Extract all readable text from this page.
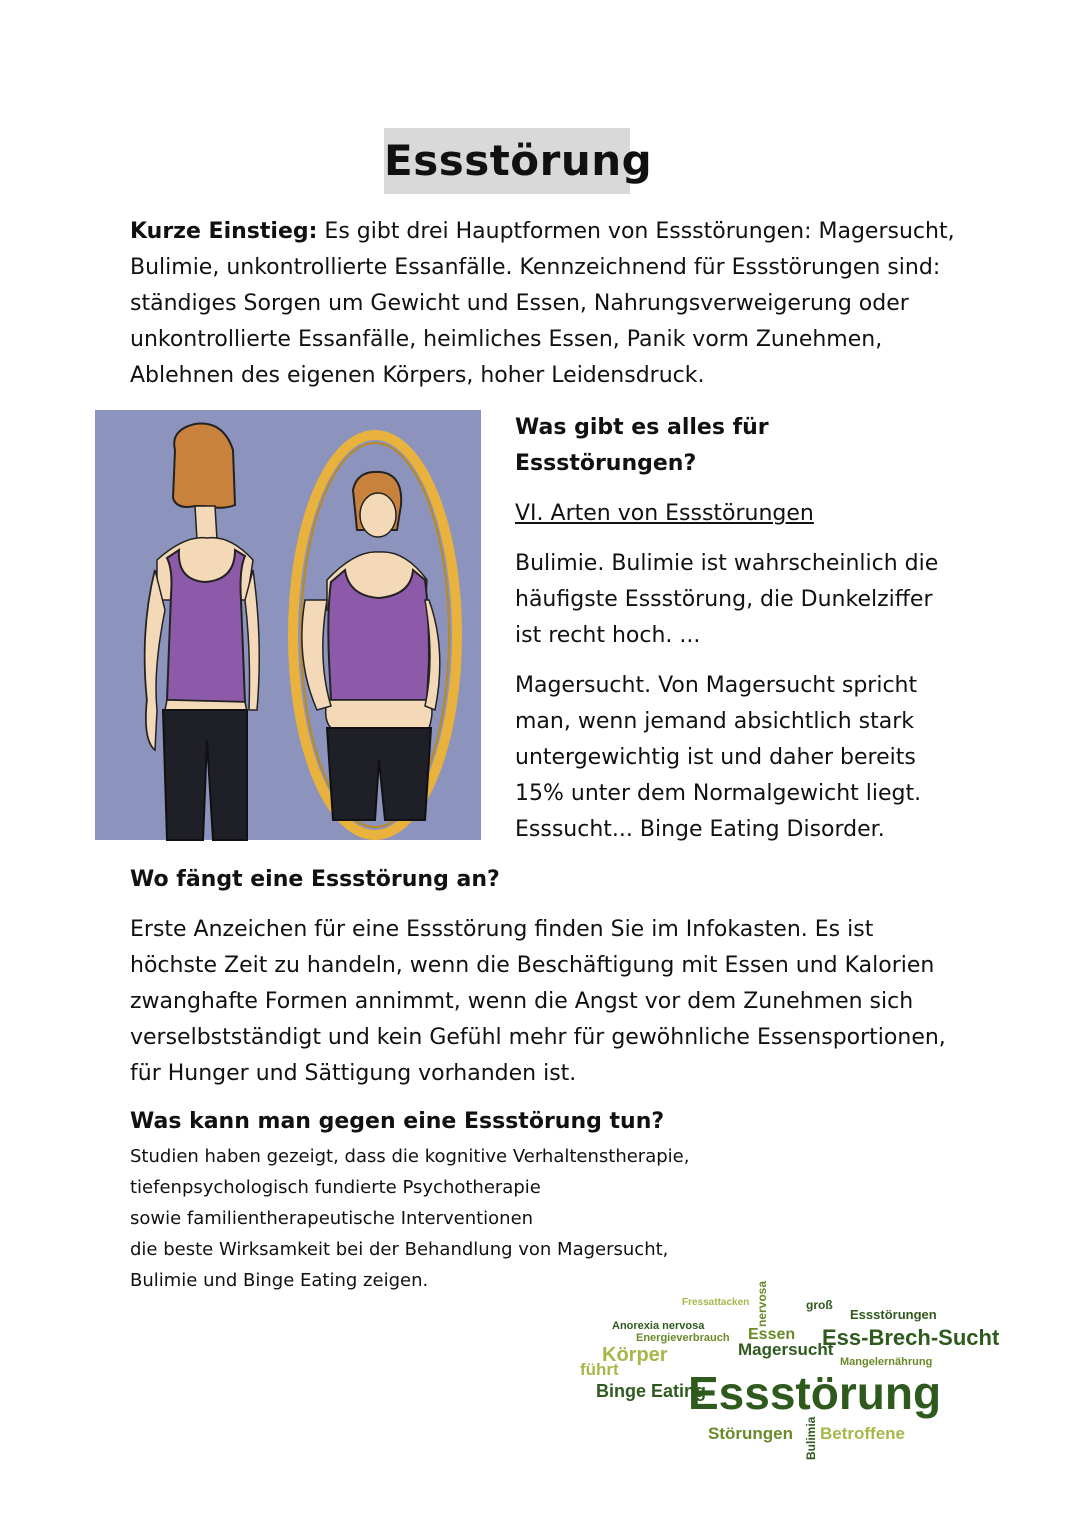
Essstörung
Kurze Einstieg: Es gibt drei Hauptformen von Essstörungen: Magersucht, Bulimie, unkontrollierte Essanfälle. Kennzeichnend für Essstörungen sind: ständiges Sorgen um Gewicht und Essen, Nahrungsverweigerung oder unkontrollierte Essanfälle, heimliches Essen, Panik vorm Zunehmen, Ablehnen des eigenen Körpers, hoher Leidensdruck.

Was gibt es alles für Essstörungen?

VI. Arten von Essstörungen

Bulimie. Bulimie ist wahrscheinlich die häufigste Essstörung, die Dunkelziffer ist recht hoch. ...

Magersucht. Von Magersucht spricht man, wenn jemand absichtlich stark untergewichtig ist und daher bereits 15% unter dem Normalgewicht liegt. Esssucht... Binge Eating Disorder.

Wo fängt eine Essstörung an?
Erste Anzeichen für eine Essstörung finden Sie im Infokasten. Es ist höchste Zeit zu handeln, wenn die Beschäftigung mit Essen und Kalorien zwanghafte Formen annimmt, wenn die Angst vor dem Zunehmen sich verselbstständigt und kein Gefühl mehr für gewöhnliche Essensportionen, für Hunger und Sättigung vorhanden ist.
Was kann man gegen eine Essstörung tun?
Studien haben gezeigt, dass die kognitive Verhaltenstherapie,
tiefenpsychologisch fundierte Psychotherapie
sowie familientherapeutische Interventionen
die beste Wirksamkeit bei der Behandlung von Magersucht,
Bulimie und Binge Eating zeigen.
Anorexia nervosa
Energieverbrauch
Fressattacken	groß
Essstörungen
Essen Ess-Brech-Sucht
Körper	Magersucht
führt	Mangelernährung
Binge Eating
Essstörung
Störungen Betroffene
Bulimia
nervosa
